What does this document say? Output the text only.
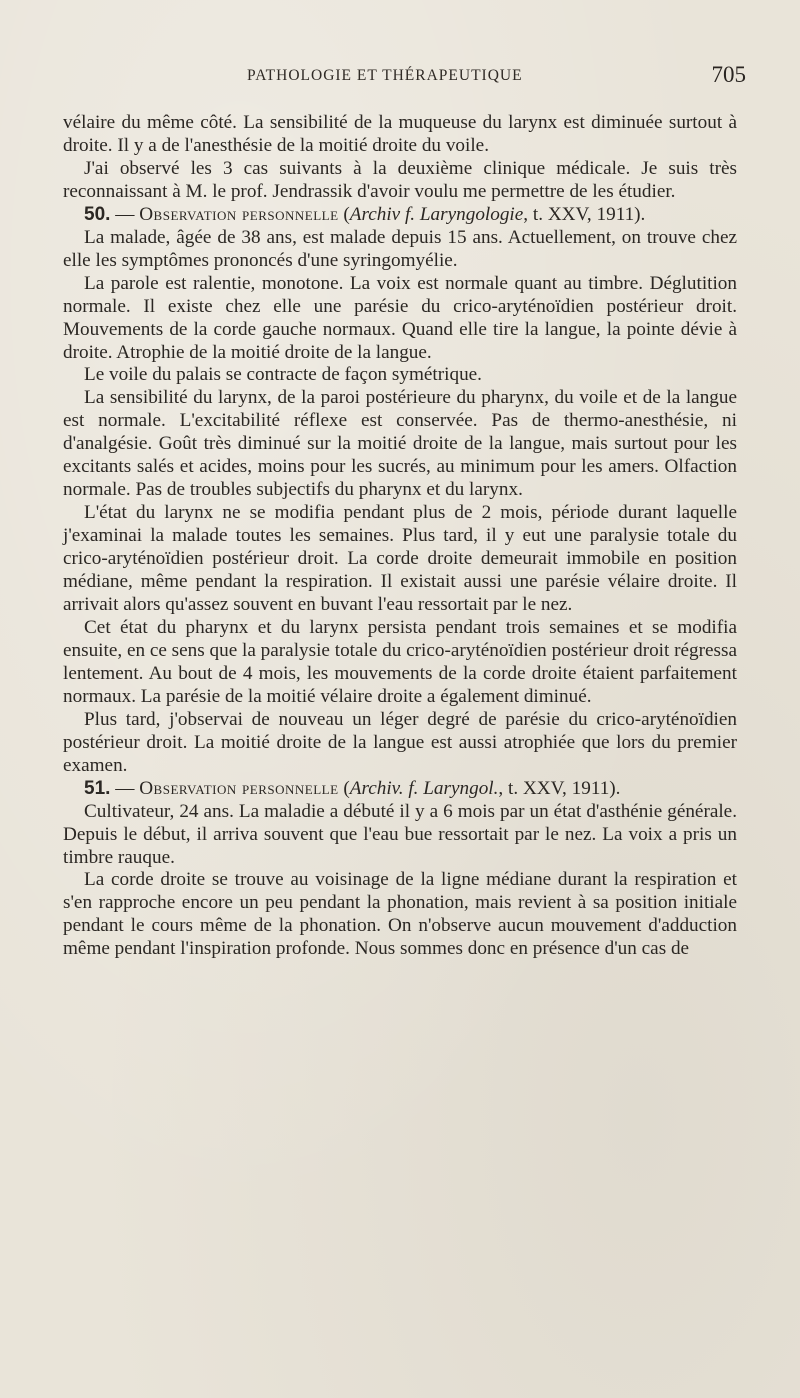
PATHOLOGIE ET THÉRAPEUTIQUE	705

vélaire du même côté. La sensibilité de la muqueuse du larynx est diminuée surtout à droite. Il y a de l'anesthésie de la moitié droite du voile.

J'ai observé les 3 cas suivants à la deuxième clinique médicale. Je suis très reconnaissant à M. le prof. Jendrassik d'avoir voulu me permettre de les étudier.

50. — Observation personnelle (Archiv f. Laryngologie, t. XXV, 1911).

La malade, âgée de 38 ans, est malade depuis 15 ans. Actuellement, on trouve chez elle les symptômes prononcés d'une syringomyélie.

La parole est ralentie, monotone. La voix est normale quant au timbre. Déglutition normale. Il existe chez elle une parésie du crico-aryténoïdien postérieur droit. Mouvements de la corde gauche normaux. Quand elle tire la langue, la pointe dévie à droite. Atrophie de la moitié droite de la langue.

Le voile du palais se contracte de façon symétrique.

La sensibilité du larynx, de la paroi postérieure du pharynx, du voile et de la langue est normale. L'excitabilité réflexe est conservée. Pas de thermo-anesthésie, ni d'analgésie. Goût très diminué sur la moitié droite de la langue, mais surtout pour les excitants salés et acides, moins pour les sucrés, au minimum pour les amers. Olfaction normale. Pas de troubles subjectifs du pharynx et du larynx.

L'état du larynx ne se modifia pendant plus de 2 mois, période durant laquelle j'examinai la malade toutes les semaines. Plus tard, il y eut une paralysie totale du crico-aryténoïdien postérieur droit. La corde droite demeurait immobile en position médiane, même pendant la respiration. Il existait aussi une parésie vélaire droite. Il arrivait alors qu'assez souvent en buvant l'eau ressortait par le nez.

Cet état du pharynx et du larynx persista pendant trois semaines et se modifia ensuite, en ce sens que la paralysie totale du crico-aryténoïdien postérieur droit régressa lentement. Au bout de 4 mois, les mouvements de la corde droite étaient parfaitement normaux. La parésie de la moitié vélaire droite a également diminué.

Plus tard, j'observai de nouveau un léger degré de parésie du crico-aryténoïdien postérieur droit. La moitié droite de la langue est aussi atrophiée que lors du premier examen.

51. — Observation personnelle (Archiv. f. Laryngol., t. XXV, 1911).

Cultivateur, 24 ans. La maladie a débuté il y a 6 mois par un état d'asthénie générale. Depuis le début, il arriva souvent que l'eau bue ressortait par le nez. La voix a pris un timbre rauque.

La corde droite se trouve au voisinage de la ligne médiane durant la respiration et s'en rapproche encore un peu pendant la phonation, mais revient à sa position initiale pendant le cours même de la phonation. On n'observe aucun mouvement d'adduction même pendant l'inspiration profonde. Nous sommes donc en présence d'un cas de
